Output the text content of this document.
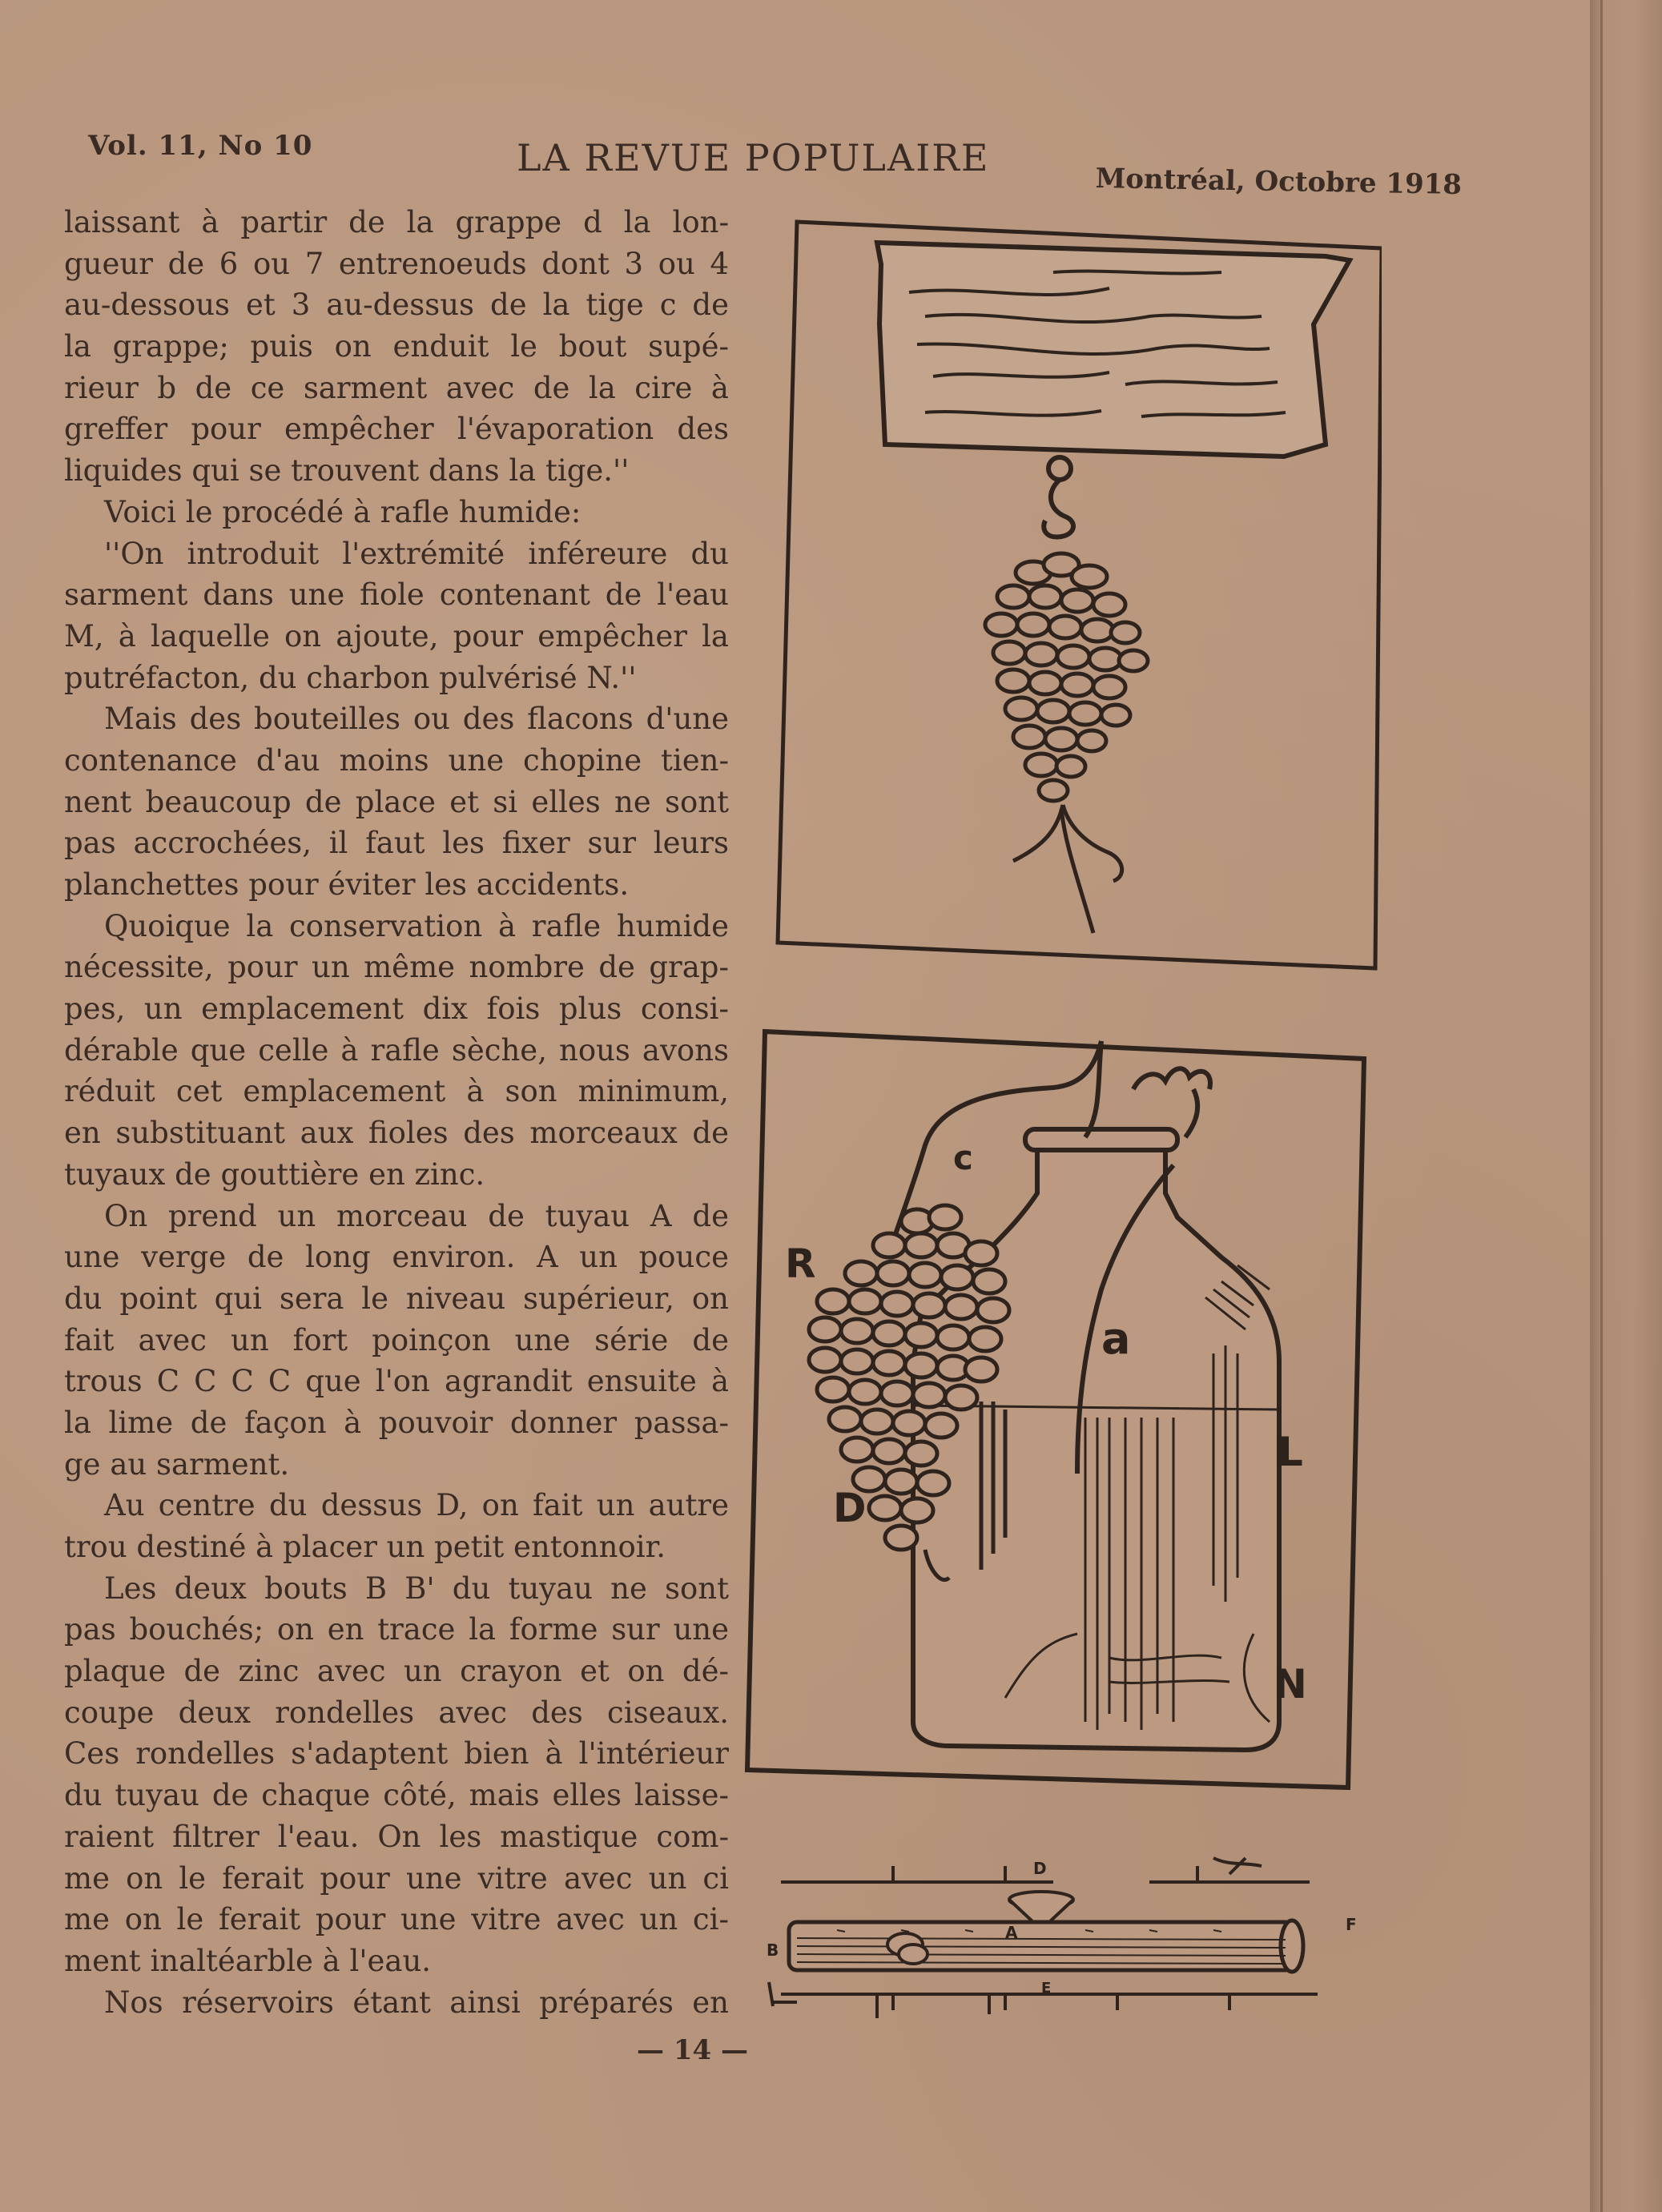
Vol. 11, No 10	LA REVUE POPULAIRE
Montréal, Octobre 1918
laissant à partir de la grappe d la lon-
gueur de 6 ou 7 entrenoeuds dont 3 ou 4
au-dessous et 3 au-dessus de la tige c de
la grappe; puis on enduit le bout supé-
rieur b de ce sarment avec de la cire à
greffer pour empêcher l'évaporation des
liquides qui se trouvent dans la tige.''
Voici le procédé à rafle humide:
''On introduit l'extrémité inféreure du
sarment dans une fiole contenant de l'eau
M, à laquelle on ajoute, pour empêcher la
putréfacton, du charbon pulvérisé N.''
Mais des bouteilles ou des flacons d'une
contenance d'au moins une chopine tien-
nent beaucoup de place et si elles ne sont
pas accrochées, il faut les fixer sur leurs
planchettes pour éviter les accidents.
Quoique la conservation à rafle humide
nécessite, pour un même nombre de grap-
pes, un emplacement dix fois plus consi-
dérable que celle à rafle sèche, nous avons
réduit cet emplacement à son minimum,
en substituant aux fioles des morceaux de
tuyaux de gouttière en zinc.
On prend un morceau de tuyau A de
une verge de long environ. A un pouce
du point qui sera le niveau supérieur, on
fait avec un fort poinçon une série de
trous C C C C que l'on agrandit ensuite à
la lime de façon à pouvoir donner passa-
ge au sarment.
Au centre du dessus D, on fait un autre
trou destiné à placer un petit entonnoir.
Les deux bouts B B' du tuyau ne sont
pas bouchés; on en trace la forme sur une
plaque de zinc avec un crayon et on dé-
coupe deux rondelles avec des ciseaux.
Ces rondelles s'adaptent bien à l'intérieur
du tuyau de chaque côté, mais elles laisse-
raient filtrer l'eau. On les mastique com-
me on le ferait pour une vitre avec un ci
me on le ferait pour une vitre avec un ci-
ment inaltéarble à l'eau.
Nos réservoirs étant ainsi préparés en
c
R
a
L
D
N
D
A
B
F
E
— 14 —
